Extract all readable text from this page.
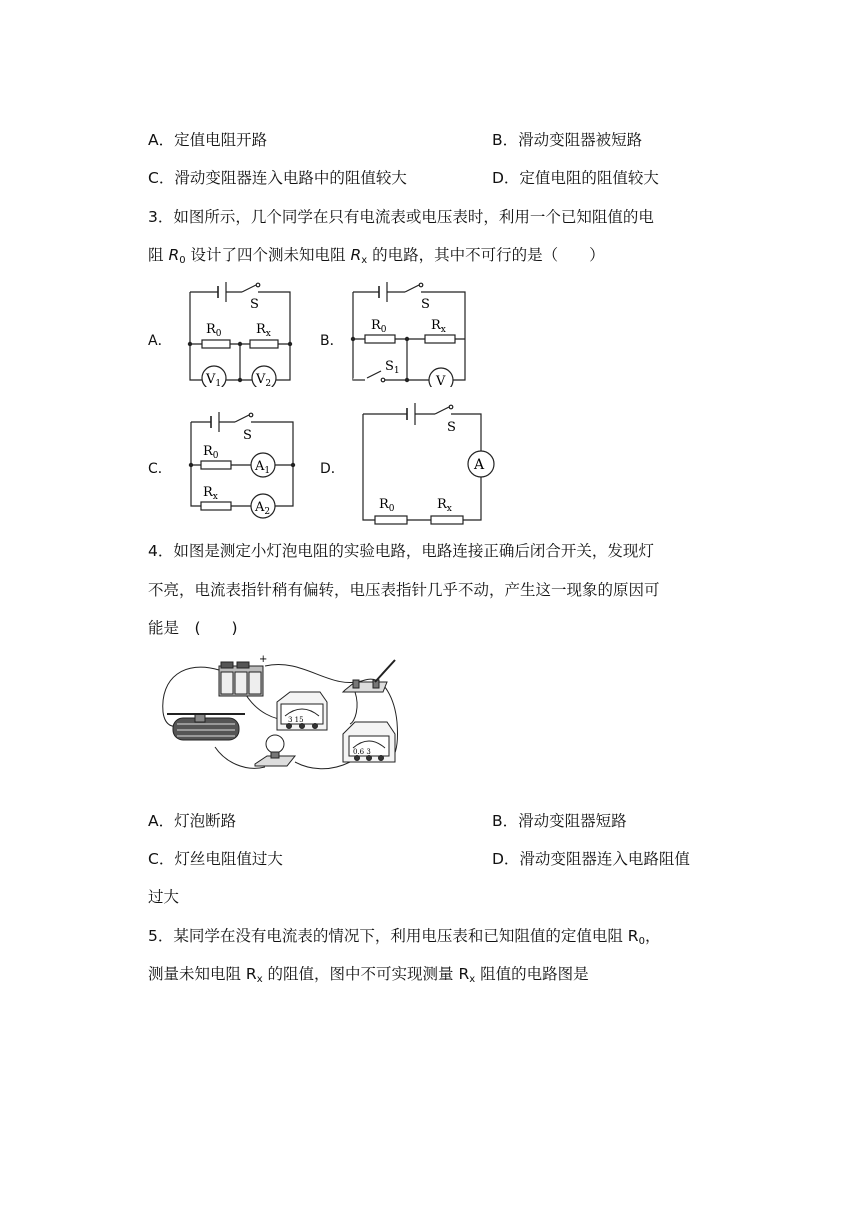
A．定值电阻开路	B．滑动变阻器被短路
C．滑动变阻器连入电路中的阻值较大	D．定值电阻的阻值较大
3．如图所示，几个同学在只有电流表或电压表时，利用一个已知阻值的电
阻 $R_0$ 设计了四个测未知电阻 $R_x$ 的电路，其中不可行的是（　　）
A．	B．
C．	D．
S
$R_0$	$R_x$
$V_1$	$V_2$
S
$R_0$	$R_x$
$S_1$
V
S
$R_0$
$R_x$
$A_1$
$A_2$
S
A
$R_0$	$R_x$
4．如图是测定小灯泡电阻的实验电路，电路连接正确后闭合开关，发现灯
不亮，电流表指针稍有偏转，电压表指针几乎不动，产生这一现象的原因可
能是　(　　)
+
3 15
0.6 3
A．灯泡断路	B．滑动变阻器短路
C．灯丝电阻值过大	D．滑动变阻器连入电路阻值
过大
5．某同学在没有电流表的情况下，利用电压表和已知阻值的定值电阻 $R_0$，
测量未知电阻 $R_x$ 的阻值，图中不可实现测量 $R_x$ 阻值的电路图是
